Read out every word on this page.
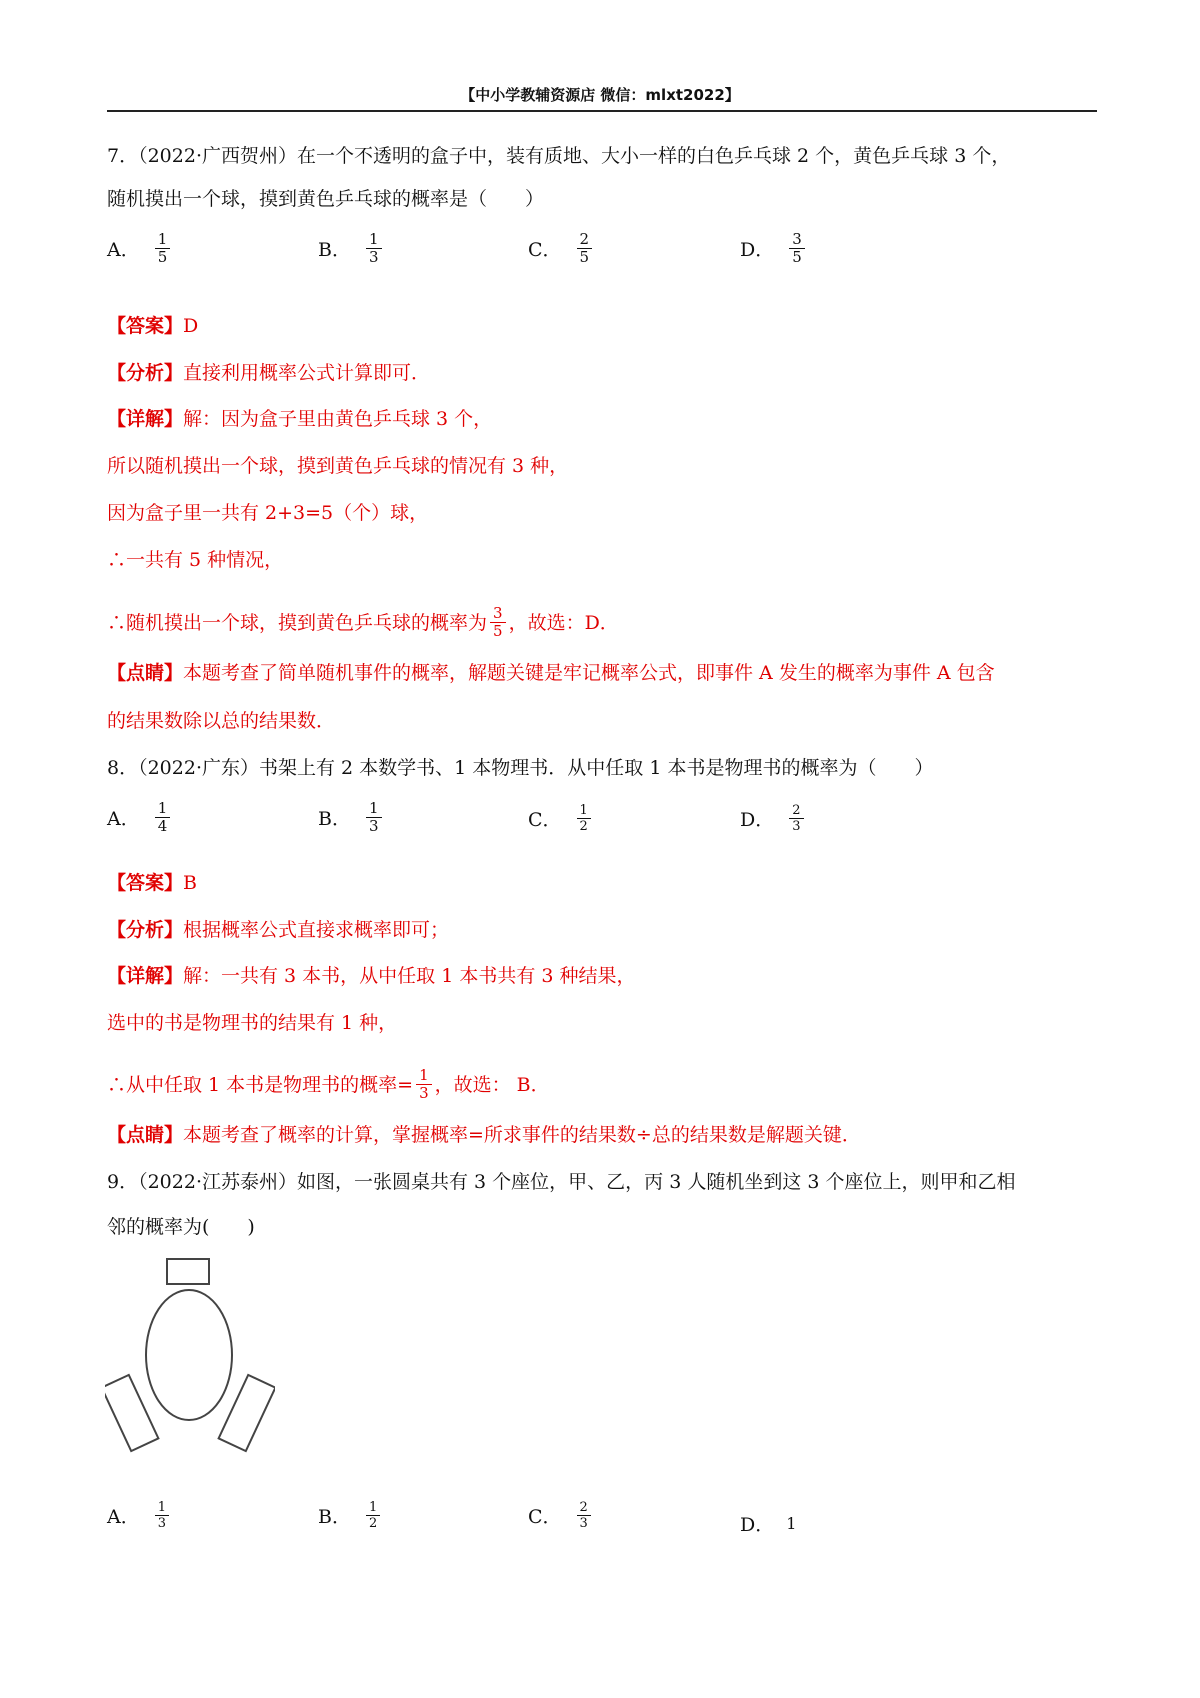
【中小学教辅资源店 微信：mlxt2022】
7．（2022·广西贺州）在一个不透明的盒子中，装有质地、大小一样的白色乒乓球 2 个，黄色乒乓球 3 个，
随机摸出一个球，摸到黄色乒乓球的概率是（　　）
A． $\frac{1}{5}$	B． $\frac{1}{3}$	C． $\frac{2}{5}$	D． $\frac{3}{5}$
【答案】D
【分析】直接利用概率公式计算即可．
【详解】解：因为盒子里由黄色乒乓球 3 个，
所以随机摸出一个球，摸到黄色乒乓球的情况有 3 种，
因为盒子里一共有 2+3=5（个）球，
∴一共有 5 种情况，
∴随机摸出一个球，摸到黄色乒乓球的概率为 $\frac{3}{5}$ ，故选：D．
【点睛】本题考查了简单随机事件的概率，解题关键是牢记概率公式，即事件 A 发生的概率为事件 A 包含
的结果数除以总的结果数．
8．（2022·广东）书架上有 2 本数学书、1 本物理书．从中任取 1 本书是物理书的概率为（　　）
A． $\frac{1}{4}$	B． $\frac{1}{3}$	C． $\frac{1}{2}$	D． $\frac{2}{3}$
【答案】B
【分析】根据概率公式直接求概率即可；
【详解】解：一共有 3 本书，从中任取 1 本书共有 3 种结果，
选中的书是物理书的结果有 1 种，
∴从中任取 1 本书是物理书的概率= $\frac{1}{3}$ ，故选： B．
【点睛】本题考查了概率的计算，掌握概率=所求事件的结果数÷总的结果数是解题关键．
9．（2022·江苏泰州）如图，一张圆桌共有 3 个座位，甲、乙，丙 3 人随机坐到这 3 个座位上，则甲和乙相
邻的概率为(　　)
A． $\frac{1}{3}$	B． $\frac{1}{2}$	C． $\frac{2}{3}$	D． 1
